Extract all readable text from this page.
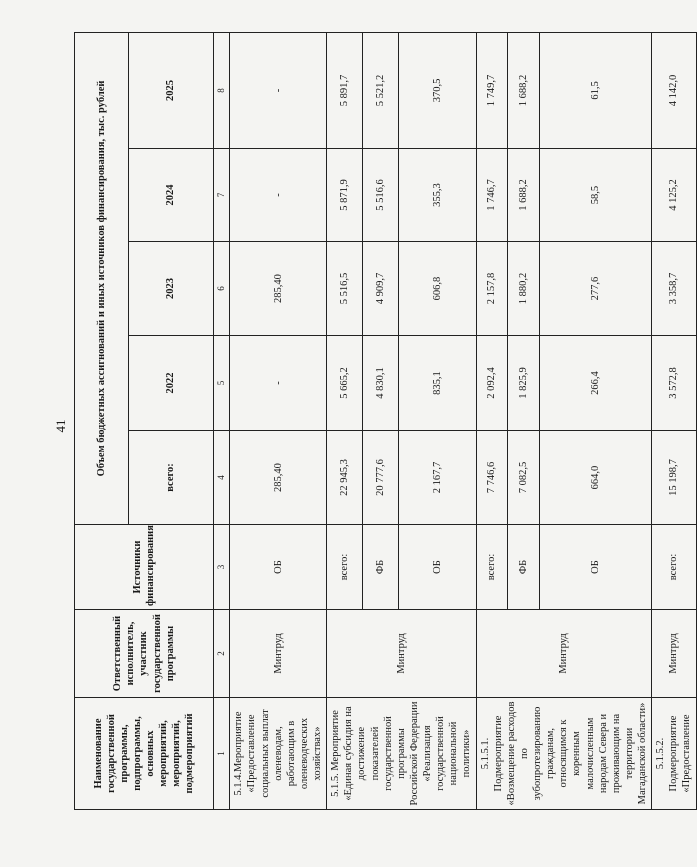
41
Наименование государственной программы, подпрограммы, основных мероприятий, мероприятий, подмероприятий	Ответственный исполнитель, участник государственной программы	Источники финансирования	Объем бюджетных ассигнований и иных источников финансирования, тыс. рублей				
			всего:	2022	2023	2024	2025
1	2	3	4	5	6	7	8
5.1.4.Мероприятие «Предоставление социальных выплат оленеводам, работающим в оленеводческих хозяйствах»	Минтруд	ОБ	285,40	-	285,40	-	-
5.1.5. Мероприятие «Единая субсидия на достижение показателей государственной программы Российской Федерации «Реализация государственной национальной политики»	Минтруд	всего:	22 945,3	5 665,2	5 516,5	5 871,9	5 891,7
		ФБ	20 777,6	4 830,1	4 909,7	5 516,6	5 521,2
		ОБ	2 167,7	835,1	606,8	355,3	370,5
5.1.5.1. Подмероприятие «Возмещение расходов по зубопротезированию гражданам, относящимся к коренным малочисленным народам Севера и проживающим на территории Магаданской области»	Минтруд	всего:	7 746,6	2 092,4	2 157,8	1 746,7	1 749,7
		ФБ	7 082,5	1 825,9	1 880,2	1 688,2	1 688,2
		ОБ	664,0	266,4	277,6	58,5	61,5
5.1.5.2. Подмероприятие «Предоставление	Минтруд	всего:	15 198,7	3 572,8	3 358,7	4 125,2	4 142,0
